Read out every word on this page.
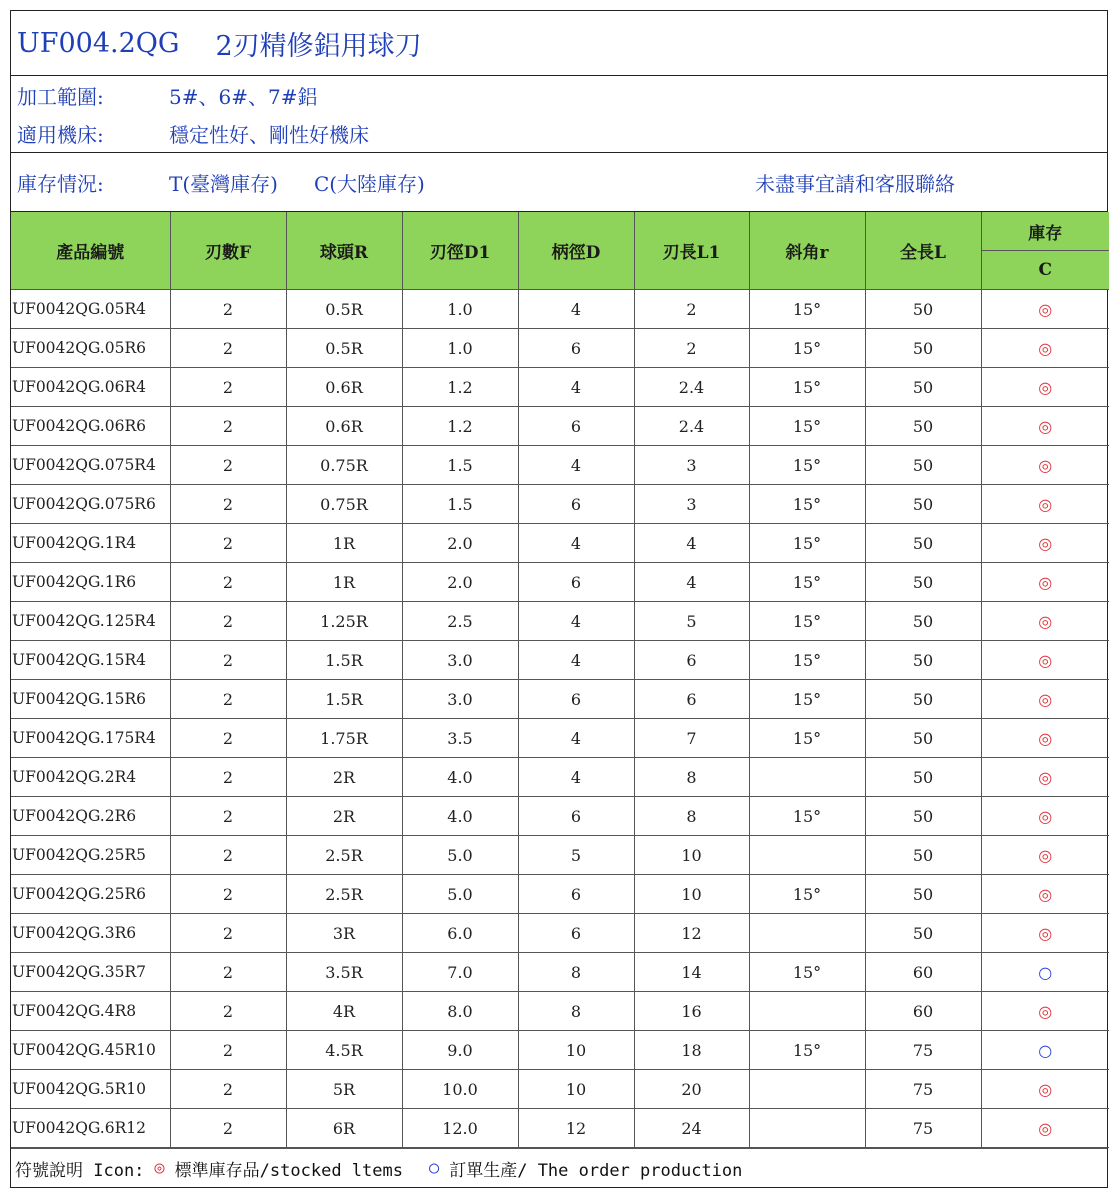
UF004.2QG 2刃精修鋁用球刀
加工範圍:	5#、6#、7#鋁
適用機床:	穩定性好、剛性好機床
庫存情況:	T(臺灣庫存) C(大陸庫存)	未盡事宜請和客服聯絡
產品編號	刃數F	球頭R	刃徑D1	柄徑D	刃長L1	斜角r	全長L	庫存
								C
UF0042QG.05R4	2	0.5R	1.0	4	2	15°	50	◎
UF0042QG.05R6	2	0.5R	1.0	6	2	15°	50	◎
UF0042QG.06R4	2	0.6R	1.2	4	2.4	15°	50	◎
UF0042QG.06R6	2	0.6R	1.2	6	2.4	15°	50	◎
UF0042QG.075R4	2	0.75R	1.5	4	3	15°	50	◎
UF0042QG.075R6	2	0.75R	1.5	6	3	15°	50	◎
UF0042QG.1R4	2	1R	2.0	4	4	15°	50	◎
UF0042QG.1R6	2	1R	2.0	6	4	15°	50	◎
UF0042QG.125R4	2	1.25R	2.5	4	5	15°	50	◎
UF0042QG.15R4	2	1.5R	3.0	4	6	15°	50	◎
UF0042QG.15R6	2	1.5R	3.0	6	6	15°	50	◎
UF0042QG.175R4	2	1.75R	3.5	4	7	15°	50	◎
UF0042QG.2R4	2	2R	4.0	4	8		50	◎
UF0042QG.2R6	2	2R	4.0	6	8	15°	50	◎
UF0042QG.25R5	2	2.5R	5.0	5	10		50	◎
UF0042QG.25R6	2	2.5R	5.0	6	10	15°	50	◎
UF0042QG.3R6	2	3R	6.0	6	12		50	◎
UF0042QG.35R7	2	3.5R	7.0	8	14	15°	60	○
UF0042QG.4R8	2	4R	8.0	8	16		60	◎
UF0042QG.45R10	2	4.5R	9.0	10	18	15°	75	○
UF0042QG.5R10	2	5R	10.0	10	20		75	◎
UF0042QG.6R12	2	6R	12.0	12	24		75	◎
符號說明 Icon: ◎ 標準庫存品/stocked ltems ○ 訂單生產/ The order production
